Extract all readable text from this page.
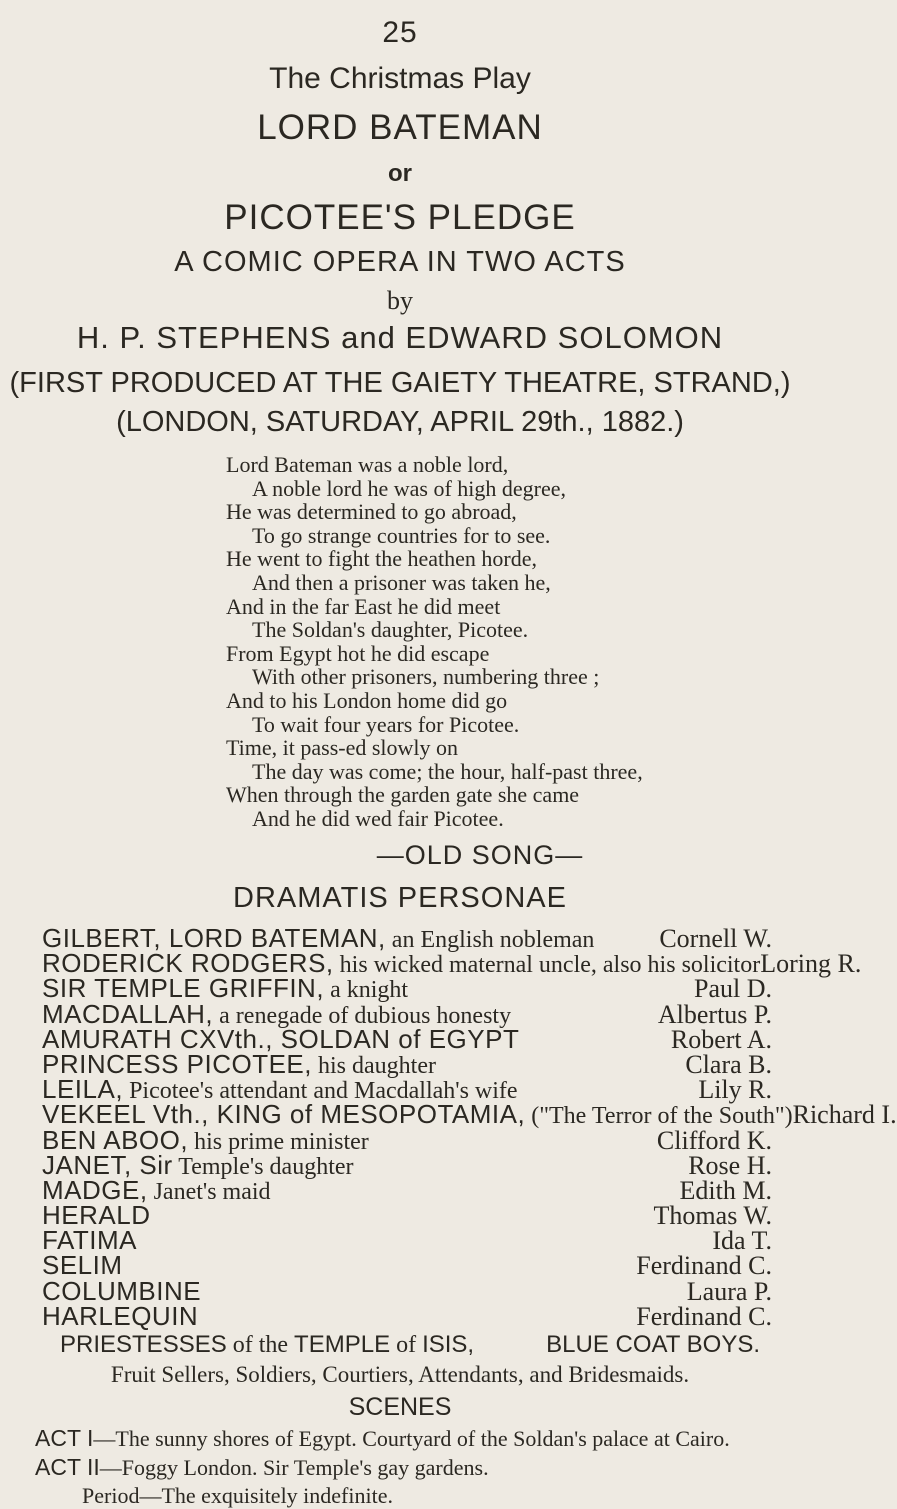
25
The Christmas Play
LORD BATEMAN
or
PICOTEE'S PLEDGE
A COMIC OPERA IN TWO ACTS
by
H. P. STEPHENS and EDWARD SOLOMON
(FIRST PRODUCED AT THE GAIETY THEATRE, STRAND,)
(LONDON, SATURDAY, APRIL 29th., 1882.)
Lord Bateman was a noble lord,
A noble lord he was of high degree,
He was determined to go abroad,
To go strange countries for to see.
He went to fight the heathen horde,
And then a prisoner was taken he,
And in the far East he did meet
The Soldan's daughter, Picotee.
From Egypt hot he did escape
With other prisoners, numbering three ;
And to his London home did go
To wait four years for Picotee.
Time, it pass-ed slowly on
The day was come; the hour, half-past three,
When through the garden gate she came
And he did wed fair Picotee.
—OLD SONG—
DRAMATIS PERSONAE
GILBERT, LORD BATEMAN, an English nobleman Cornell W.
RODERICK RODGERS, his wicked maternal uncle, also his solicitor Loring R.
SIR TEMPLE GRIFFIN, a knight	Paul D.
MACDALLAH, a renegade of dubious honesty	Albertus P.
AMURATH CXVth., SOLDAN of EGYPT	Robert A.
PRINCESS PICOTEE, his daughter	Clara B.
LEILA, Picotee's attendant and Macdallah's wife	Lily R.
VEKEEL Vth., KING of MESOPOTAMIA, ("The Terror of the South") Richard I.
BEN ABOO, his prime minister	Clifford K.
JANET, Sir Temple's daughter	Rose H.
MADGE, Janet's maid	Edith M.
HERALD	Thomas W.
FATIMA	Ida T.
SELIM	Ferdinand C.
COLUMBINE	Laura P.
HARLEQUIN	Ferdinand C.
PRIESTESSES of the TEMPLE of ISIS,	BLUE COAT BOYS.
Fruit Sellers, Soldiers, Courtiers, Attendants, and Bridesmaids.
SCENES
ACT I—The sunny shores of Egypt. Courtyard of the Soldan's palace at Cairo.
ACT II—Foggy London. Sir Temple's gay gardens.
Period—The exquisitely indefinite.
